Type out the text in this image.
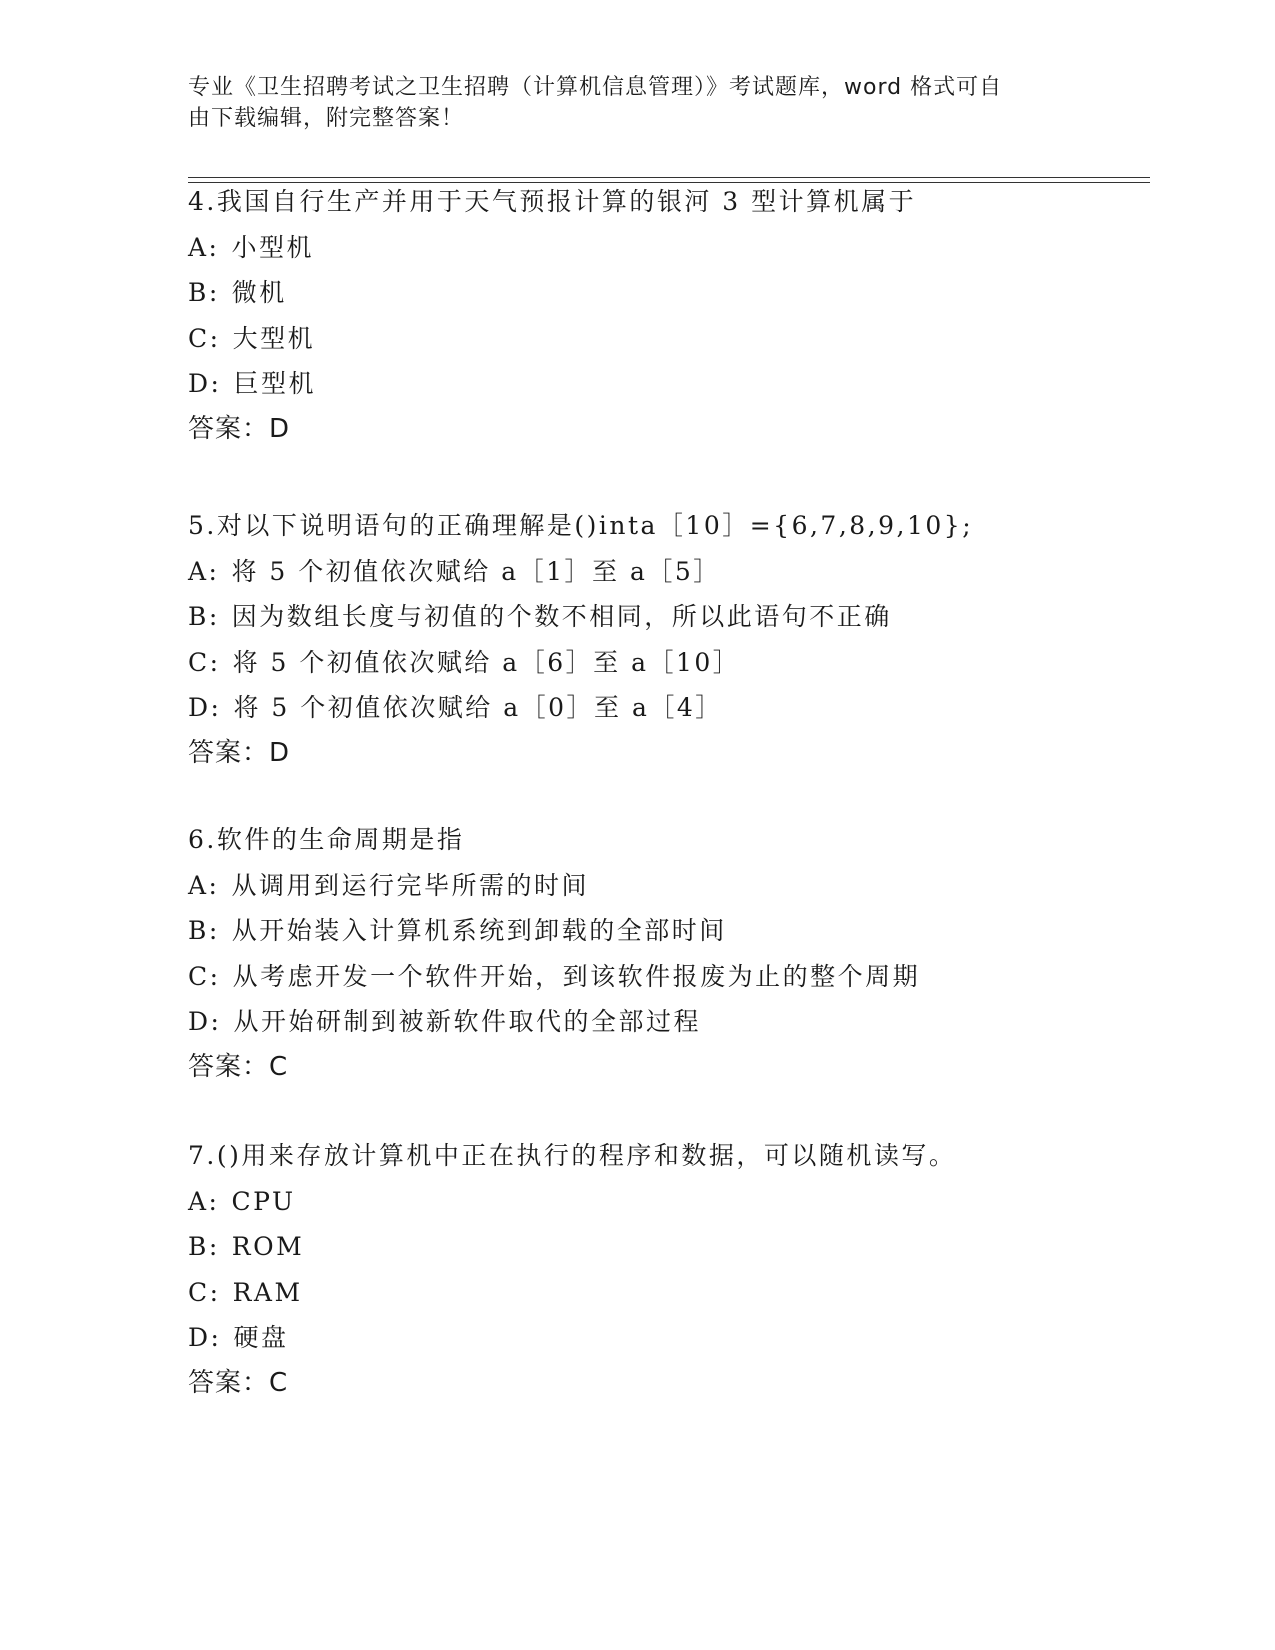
专业《卫生招聘考试之卫生招聘（计算机信息管理）》考试题库，word 格式可自
由下载编辑，附完整答案！
4.我国自行生产并用于天气预报计算的银河 3 型计算机属于
A: 小型机
B: 微机
C: 大型机
D: 巨型机
答案：D
5.对以下说明语句的正确理解是()inta［10］={6,7,8,9,10};
A: 将 5 个初值依次赋给 a［1］至 a［5］
B: 因为数组长度与初值的个数不相同，所以此语句不正确
C: 将 5 个初值依次赋给 a［6］至 a［10］
D: 将 5 个初值依次赋给 a［0］至 a［4］
答案：D
6.软件的生命周期是指
A: 从调用到运行完毕所需的时间
B: 从开始装入计算机系统到卸载的全部时间
C: 从考虑开发一个软件开始，到该软件报废为止的整个周期
D: 从开始研制到被新软件取代的全部过程
答案：C
7.()用来存放计算机中正在执行的程序和数据，可以随机读写。
A: CPU
B: ROM
C: RAM
D: 硬盘
答案：C
